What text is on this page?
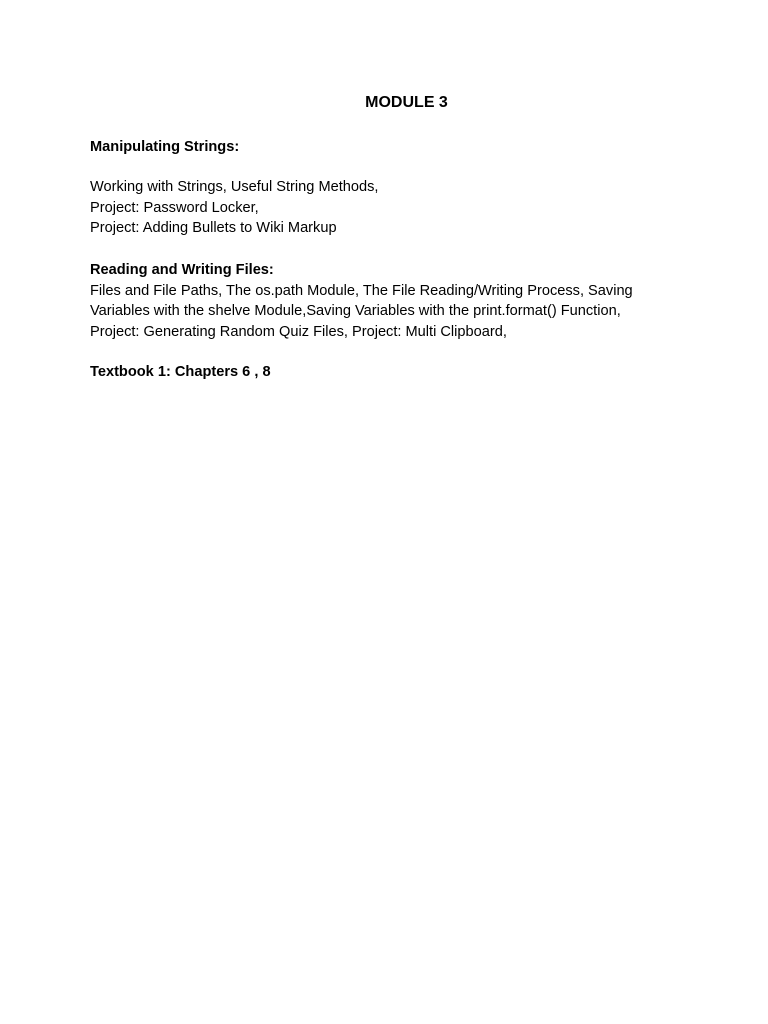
MODULE 3

Manipulating Strings:

Working with Strings, Useful String Methods,

Project: Password Locker,

Project: Adding Bullets to Wiki Markup

Reading and Writing Files:

Files and File Paths, The os.path Module, The File Reading/Writing Process, Saving

Variables with the shelve Module,Saving Variables with the print.format() Function,

Project: Generating Random Quiz Files, Project: Multi Clipboard,

Textbook 1: Chapters 6 , 8
